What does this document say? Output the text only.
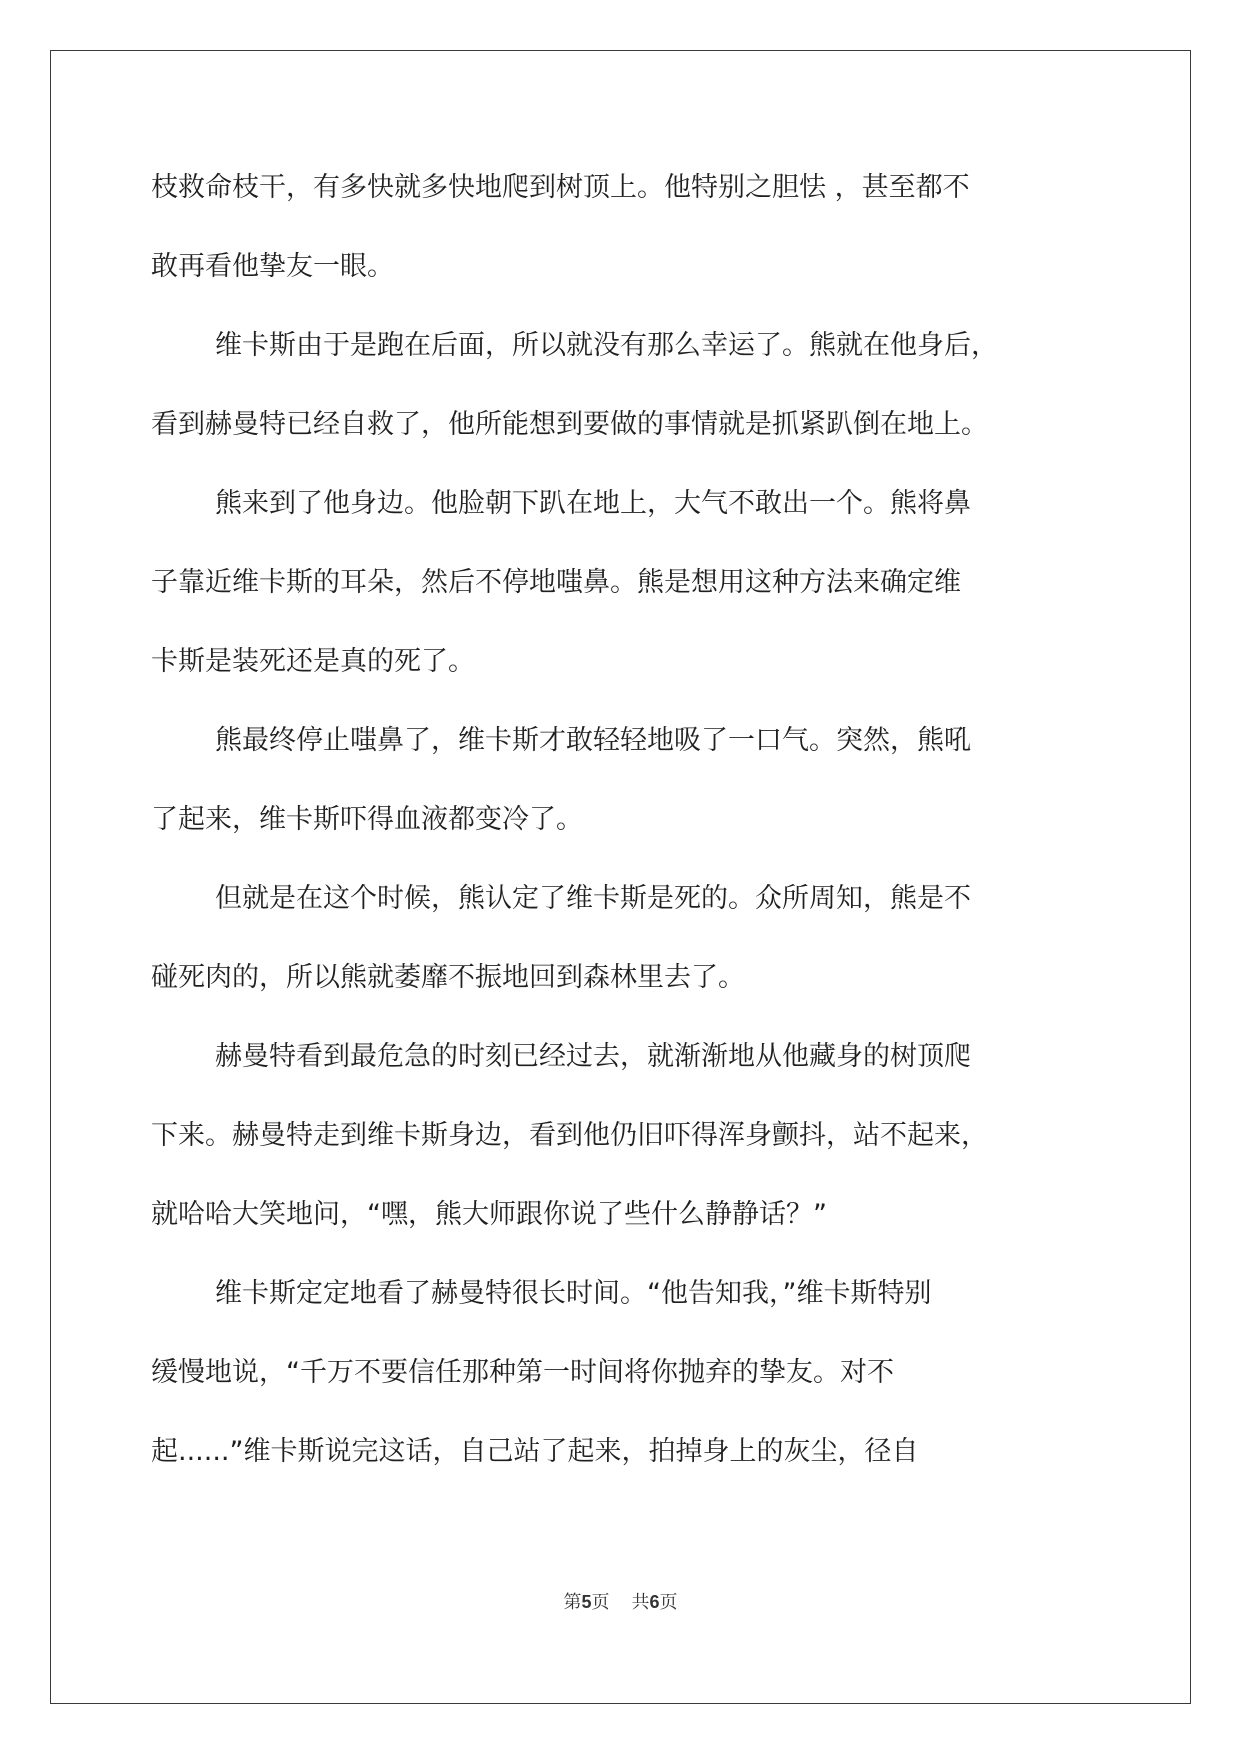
枝救命枝干，有多快就多快地爬到树顶上。他特别之胆怯 ，甚至都不
敢再看他挚友一眼。
维卡斯由于是跑在后面，所以就没有那么幸运了。熊就在他身后，
看到赫曼特已经自救了，他所能想到要做的事情就是抓紧趴倒在地上。
熊来到了他身边。他脸朝下趴在地上，大气不敢出一个。熊将鼻
子靠近维卡斯的耳朵，然后不停地嗤鼻。熊是想用这种方法来确定维
卡斯是装死还是真的死了。
熊最终停止嗤鼻了，维卡斯才敢轻轻地吸了一口气。突然，熊吼
了起来，维卡斯吓得血液都变冷了。
但就是在这个时候，熊认定了维卡斯是死的。众所周知，熊是不
碰死肉的，所以熊就萎靡不振地回到森林里去了。
赫曼特看到最危急的时刻已经过去，就渐渐地从他藏身的树顶爬
下来。赫曼特走到维卡斯身边，看到他仍旧吓得浑身颤抖，站不起来，
就哈哈大笑地问，“嘿，熊大师跟你说了些什么静静话？”
维卡斯定定地看了赫曼特很长时间。“他告知我，”维卡斯特别
缓慢地说，“千万不要信任那种第一时间将你抛弃的挚友。对不
起......”维卡斯说完这话，自己站了起来，拍掉身上的灰尘，径自
第5页 共6页
